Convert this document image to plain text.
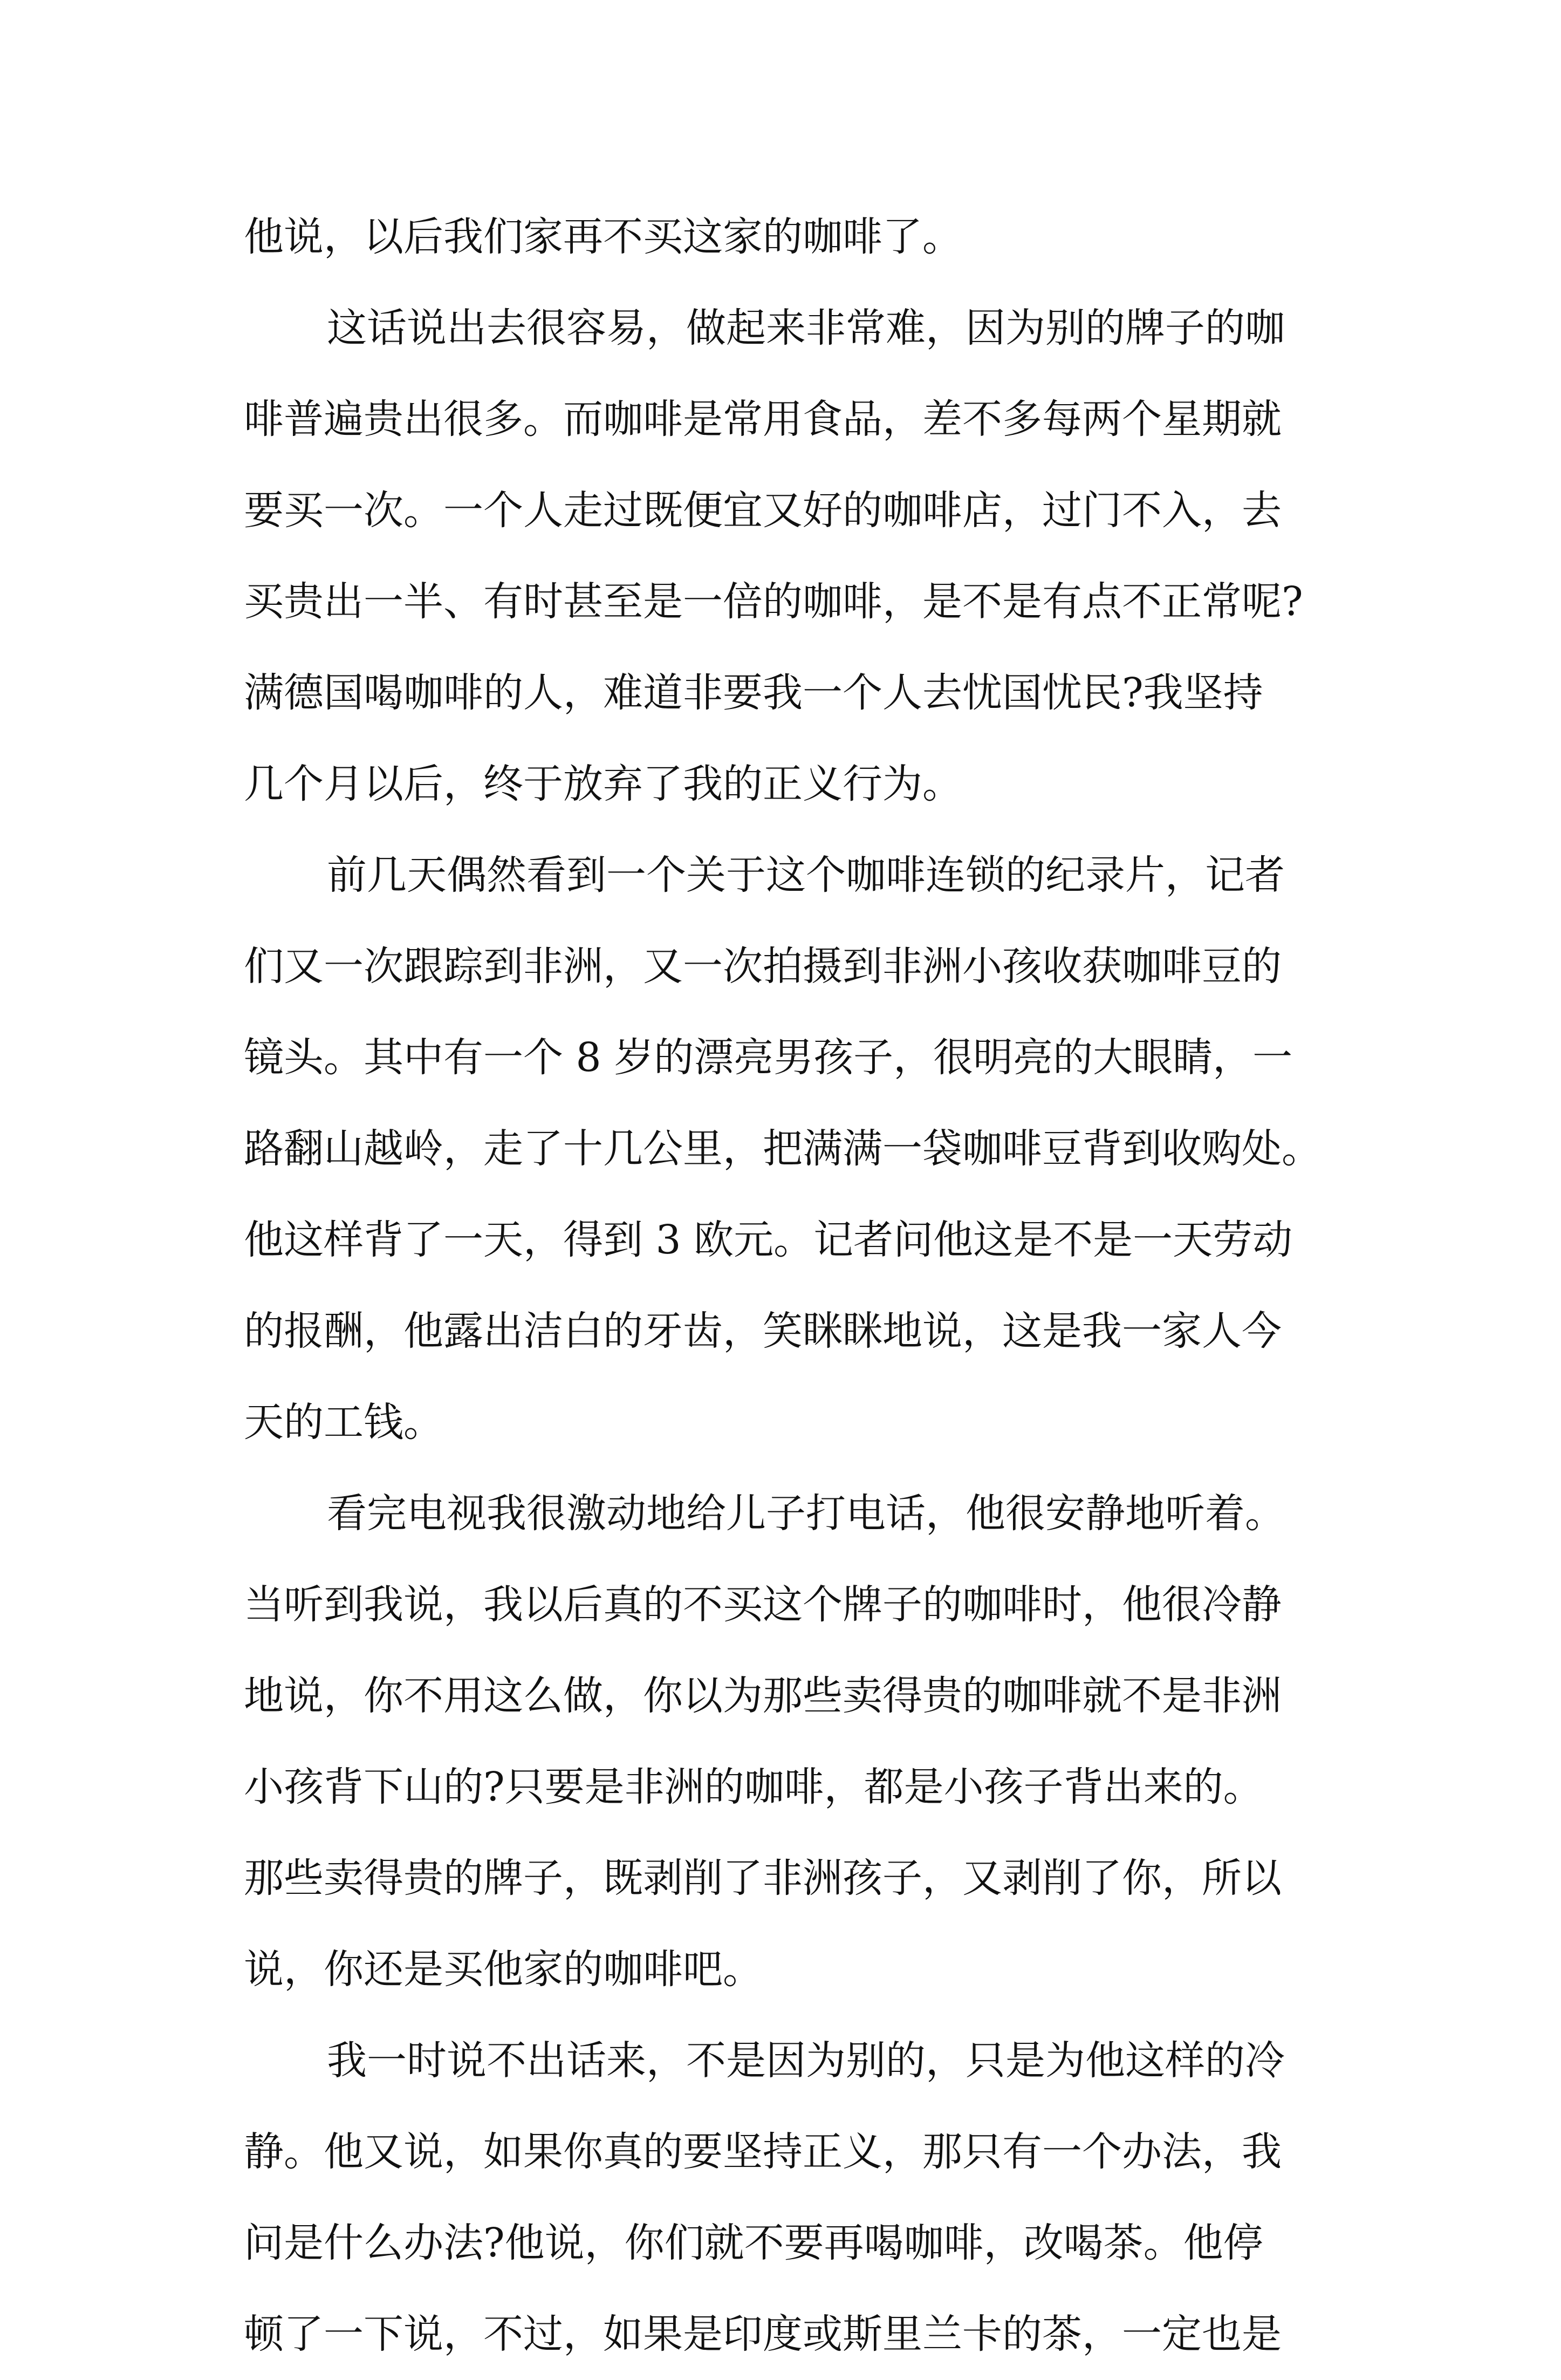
他说，以后我们家再不买这家的咖啡了。
这话说出去很容易，做起来非常难，因为别的牌子的咖
啡普遍贵出很多。而咖啡是常用食品，差不多每两个星期就
要买一次。一个人走过既便宜又好的咖啡店，过门不入，去
买贵出一半、有时甚至是一倍的咖啡，是不是有点不正常呢?
满德国喝咖啡的人，难道非要我一个人去忧国忧民?我坚持
几个月以后，终于放弃了我的正义行为。
前几天偶然看到一个关于这个咖啡连锁的纪录片，记者
们又一次跟踪到非洲，又一次拍摄到非洲小孩收获咖啡豆的
镜头。其中有一个 8 岁的漂亮男孩子，很明亮的大眼睛，一
路翻山越岭，走了十几公里，把满满一袋咖啡豆背到收购处。
他这样背了一天，得到 3 欧元。记者问他这是不是一天劳动
的报酬，他露出洁白的牙齿，笑眯眯地说，这是我一家人今
天的工钱。
看完电视我很激动地给儿子打电话，他很安静地听着。
当听到我说，我以后真的不买这个牌子的咖啡时，他很冷静
地说，你不用这么做，你以为那些卖得贵的咖啡就不是非洲
小孩背下山的?只要是非洲的咖啡，都是小孩子背出来的。
那些卖得贵的牌子，既剥削了非洲孩子，又剥削了你，所以
说，你还是买他家的咖啡吧。
我一时说不出话来，不是因为别的，只是为他这样的冷
静。他又说，如果你真的要坚持正义，那只有一个办法，我
问是什么办法?他说，你们就不要再喝咖啡，改喝茶。他停
顿了一下说，不过，如果是印度或斯里兰卡的茶，一定也是
